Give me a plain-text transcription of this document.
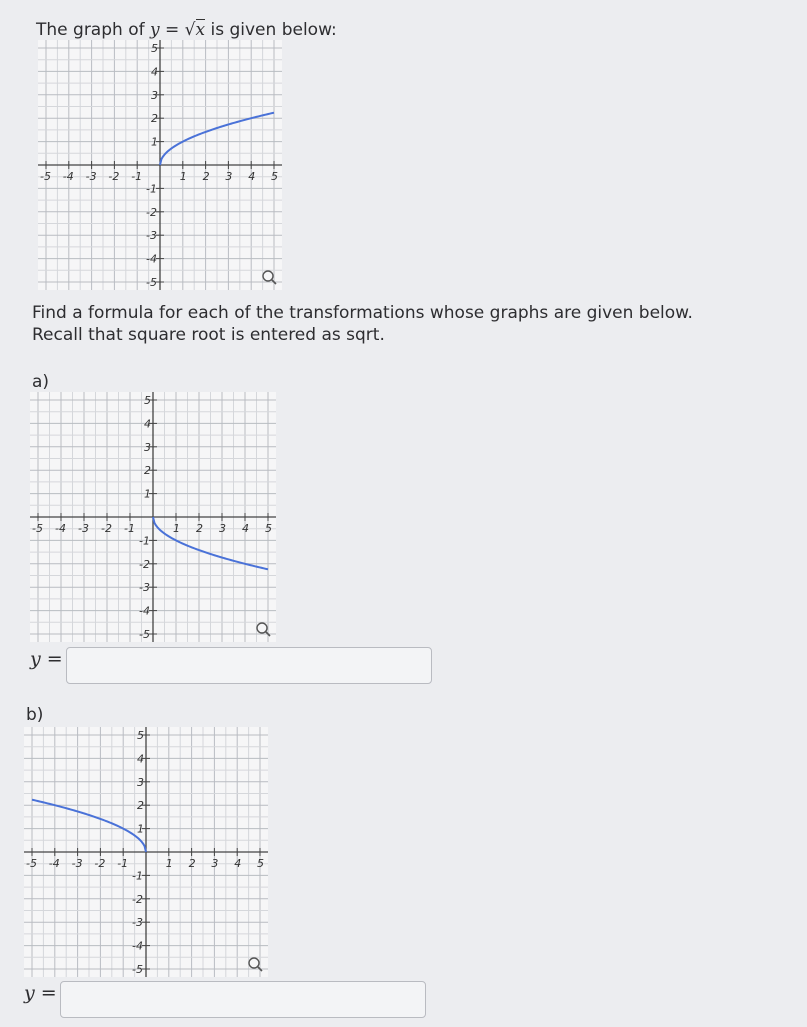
The graph of y = √x is given below:
-5 -4 -3 -2 -1	1 2 3 4 5
5
4
3
2
1
-1
-2
-3
-4
-5
Find a formula for each of the transformations whose graphs are given below.
Recall that square root is entered as sqrt.
a)
-5 -4 -3 -2 -1	1 2 3 4 5
5
4
3
2
1
-1
-2
-3
-4
-5
y =
b)
-5 -4 -3 -2 -1	1 2 3 4 5
5
4
3
2
1
-1
-2
-3
-4
-5
y =
